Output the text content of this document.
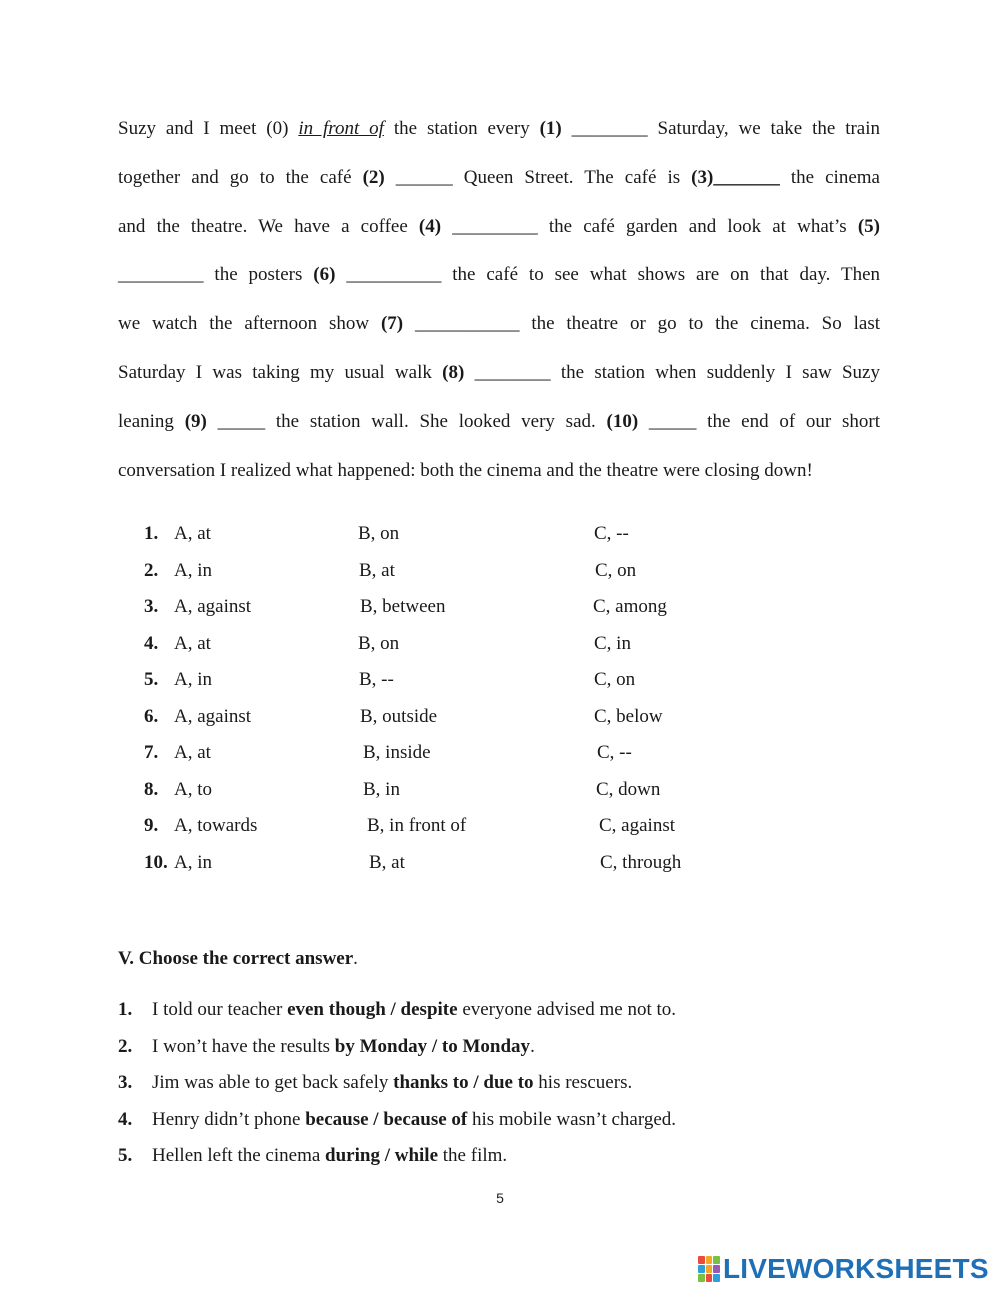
Suzy and I meet (0) in front of the station every (1) ________ Saturday, we take the train
together and go to the café (2) ______ Queen Street. The café is (3)_______ the cinema
and the theatre. We have a coffee (4) _________ the café garden and look at what’s (5)
_________ the posters (6) __________ the café to see what shows are on that day. Then
we watch the afternoon show (7) ___________ the theatre or go to the cinema. So last
Saturday I was taking my usual walk (8) ________ the station when suddenly I saw Suzy
leaning (9) _____ the station wall. She looked very sad. (10) _____ the end of our short
conversation I realized what happened: both the cinema and the theatre were closing down!
1. A, at	B, on	C, --
2. A, in	B, at	C, on
3. A, against	B, between	C, among
4. A, at	B, on	C, in
5. A, in	B, --	C, on
6. A, against	B, outside	C, below
7. A, at	B, inside	C, --
8. A, to	B, in	C, down
9. A, towards	B, in front of	C, against
10. A, in	B, at	C, through
V. Choose the correct answer.
1. I told our teacher even though / despite everyone advised me not to.
2. I won’t have the results by Monday / to Monday.
3. Jim was able to get back safely thanks to / due to his rescuers.
4. Henry didn’t phone because / because of his mobile wasn’t charged.
5. Hellen left the cinema during / while the film.
5
LIVEWORKSHEETS
